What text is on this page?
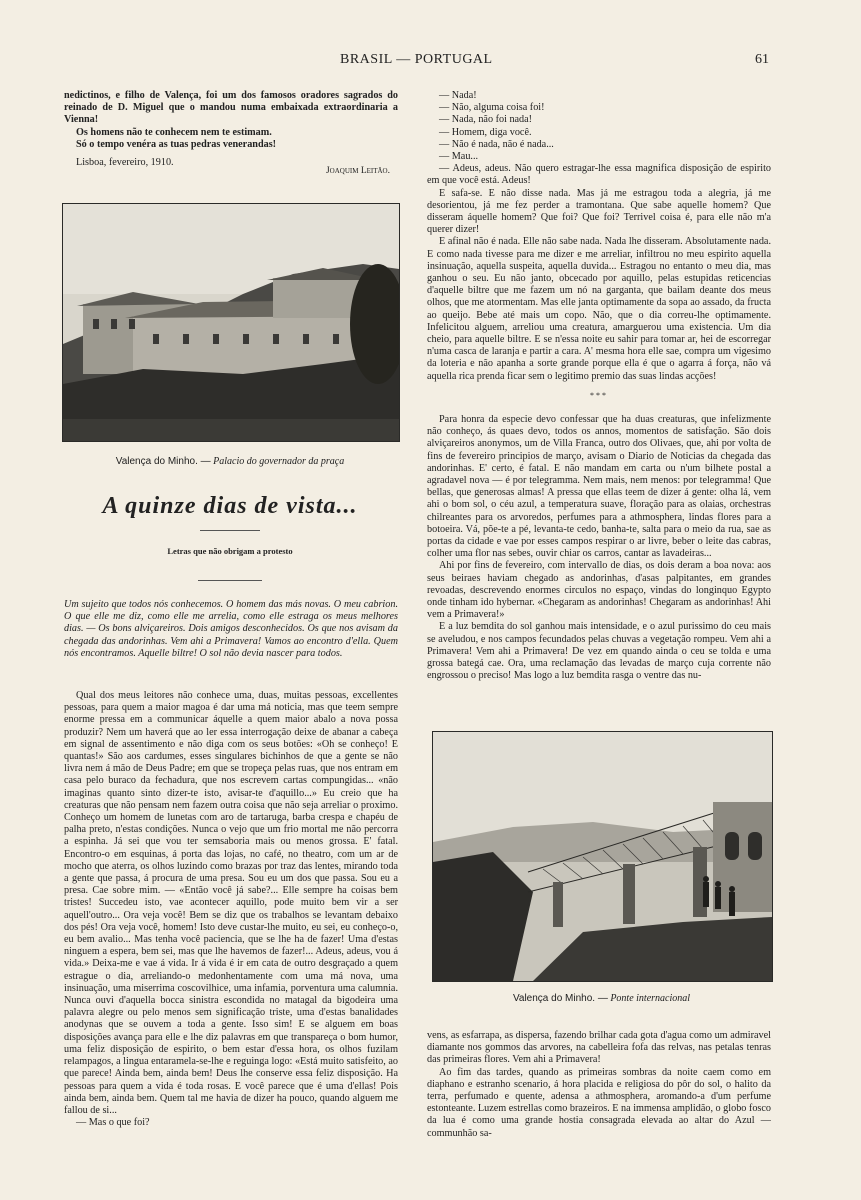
BRASIL — PORTUGAL	61

nedictinos, e filho de Valença, foi um dos famosos oradores sagrados do reinado de D. Miguel que o mandou numa embaixada extraordinaria a Vienna!

Os homens não te conhecem nem te estimam.

Só o tempo venéra as tuas pedras venerandas!

Lisboa, fevereiro, 1910.
Joaquim Leitão.
Valença do Minho. — Palacio do governador da praça
A quinze dias de vista...
Letras que não obrigam a protesto
Um sujeito que todos nós conhecemos. O homem das más novas. O meu cabrion. O que elle me diz, como elle me arrelia, como elle estraga os meus melhores dias. — Os bons alviçareiros. Dois amigos desconhecidos. Os que nos avisam da chegada das andorinhas. Vem ahi a Primavera! Vamos ao encontro d'ella. Quem nós encontramos. Aquelle biltre! O sol não devia nascer para todos.

Qual dos meus leitores não conhece uma, duas, muitas pessoas, excellentes pessoas, para quem a maior magoa é dar uma má noticia, mas que teem sempre enorme pressa em a communicar áquelle a quem maior abalo a nova possa produzir? Nem um haverá que ao ler essa interrogação deixe de abanar a cabeça em signal de assentimento e não diga com os seus botões: «Oh se conheço! E quantas!» São aos cardumes, esses singulares bichinhos de que a gente se não livra nem á mão de Deus Padre; em que se tropeça pelas ruas, que nos entram em casa pelo buraco da fechadura, que nos escrevem cartas compungidas... «não imaginas quanto sinto dizer-te isto, avisar-te d'aquillo...» Eu creio que ha creaturas que não pensam nem fazem outra coisa que não seja arreliar o proximo. Conheço um homem de lunetas com aro de tartaruga, barba crespa e chapéu de palha preto, n'estas condições. Nunca o vejo que um frio mortal me não percorra a espinha. Já sei que vou ter semsaboria mais ou menos grossa. E' fatal. Encontro-o em esquinas, á porta das lojas, no café, no theatro, com um ar de mocho que aterra, os olhos luzindo como brazas por traz das lentes, mirando toda a gente que passa, á procura de uma presa. Sou eu um dos que passa. Sou eu a presa. Cae sobre mim. — «Então você já sabe?... Elle sempre ha coisas bem tristes! Succedeu isto, vae acontecer aquillo, pode muito bem vir a ser aquell'outro... Ora veja você! Bem se diz que os trabalhos se levantam debaixo dos pés! Ora veja você, homem! Isto deve custar-lhe muito, eu sei, eu conheço-o, eu bem avalio... Mas tenha você paciencia, que se lhe ha de fazer! Uma d'estas ninguem a espera, bem sei, mas que lhe havemos de fazer!... Adeus, adeus, vou á vida.» Deixa-me e vae á vida. Ir á vida é ir em cata de outro desgraçado a quem estrague o dia, arreliando-o medonhentamente com uma má nova, uma insinuação, uma miserrima coscovilhice, uma infamia, porventura uma calumnia. Nunca ouvi d'aquella bocca sinistra escondida no matagal da bigodeira uma palavra alegre ou pelo menos sem significação triste, uma d'estas banalidades anodynas que se ouvem a toda a gente. Isso sim! E se alguem em boas disposições avança para elle e lhe diz palavras em que transpareça o bom humor, uma feliz disposição de espirito, o bem estar d'essa hora, os olhos fuzilam relampagos, a lingua entaramela-se-lhe e reguinga logo: «Está muito satisfeito, ao que parece! Ainda bem, ainda bem! Deus lhe conserve essa feliz disposição. Ha pessoas para quem a vida é toda rosas. E você parece que é uma d'ellas! Pois ainda bem, ainda bem. Quem tal me havia de dizer ha pouco, quando alguem me fallou de si...

— Mas o que foi?

— Nada!

— Não, alguma coisa foi!

— Nada, não foi nada!

— Homem, diga você.

— Não é nada, não é nada...

— Mau...

— Adeus, adeus. Não quero estragar-lhe essa magnifica disposição de espirito em que você está. Adeus!

E safa-se. E não disse nada. Mas já me estragou toda a alegria, já me desorientou, já me fez perder a tramontana. Que sabe aquelle homem? Que disseram áquelle homem? Que foi? Que foi? Terrivel coisa é, para elle não m'a querer dizer!

E afinal não é nada. Elle não sabe nada. Nada lhe disseram. Absolutamente nada. E como nada tivesse para me dizer e me arreliar, infiltrou no meu espirito aquella insinuação, aquella suspeita, aquella duvida... Estragou no entanto o meu dia, mas ganhou o seu. Eu não janto, obcecado por aquillo, pelas estupidas reticencias d'aquelle biltre que me fazem um nó na garganta, que bailam deante dos meus olhos, que me atormentam. Mas elle janta optimamente da sopa ao assado, da fructa ao queijo. Bebe até mais um copo. Não, que o dia correu-lhe optimamente. Infelicitou alguem, arreliou uma creatura, amarguerou uma existencia. Um dia cheio, para aquelle biltre. E se n'essa noite eu sahir para tomar ar, hei de escorregar n'uma casca de laranja e partir a cara. A' mesma hora elle sae, compra um vigesimo da loteria e não apanha a sorte grande porque ella é que o agarra á força, não vá aquella rica prenda ficar sem o legitimo premio das suas lindas acções!

* * *

Para honra da especie devo confessar que ha duas creaturas, que infelizmente não conheço, ás quaes devo, todos os annos, momentos de satisfação. São dois alviçareiros anonymos, um de Villa Franca, outro dos Olivaes, que, ahi por volta de fins de fevereiro principios de março, avisam o Diario de Noticias da chegada das andorinhas. E' certo, é fatal. E não mandam em carta ou n'um bilhete postal a agradavel nova — é por telegramma. Nem mais, nem menos: por telegramma! Que bellas, que generosas almas! A pressa que ellas teem de dizer á gente: olha lá, vem ahi o bom sol, o céu azul, a temperatura suave, floração para as olaias, orchestras chilreantes para os arvoredos, perfumes para a athmosphera, lindas flores para a botoeira. Vá, põe-te a pé, levanta-te cedo, banha-te, salta para o meio da rua, sae as portas da cidade e vae por esses campos respirar o ar livre, beber o leite das cabras, colher uma flor nas sebes, ouvir chiar os carros, cantar as lavadeiras...

Ahi por fins de fevereiro, com intervallo de dias, os dois deram a boa nova: aos seus beiraes haviam chegado as andorinhas, d'asas palpitantes, em grandes revoadas, descrevendo enormes circulos no espaço, vindas do longinquo Egypto onde tinham ido hybernar. «Chegaram as andorinhas! Chegaram as andorinhas! Ahi vem a Primavera!»

E a luz bemdita do sol ganhou mais intensidade, e o azul purissimo do ceu mais se aveludou, e nos campos fecundados pelas chuvas a vegetação rompeu. Vem ahi a Primavera! Vem ahi a Primavera! De vez em quando ainda o ceu se tolda e uma grossa bategá cae. Ora, uma reclamação das levadas de março cuja corrente não engrossou o preciso! Mas logo a luz bemdita rasga o ventre das nu-

Valença do Minho. — Ponte internacional

vens, as esfarrapa, as dispersa, fazendo brilhar cada gota d'agua como um admiravel diamante nos gommos das arvores, na cabelleira fofa das relvas, nas petalas tenras das primeiras flores. Vem ahi a Primavera!

Ao fim das tardes, quando as primeiras sombras da noite caem como em diaphano e estranho scenario, á hora placida e religiosa do pôr do sol, o halito da terra, perfumado e quente, adensa a athmosphera, aromando-a d'um perfume estonteante. Luzem estrellas como brazeiros. E na immensa amplidão, o globo fosco da lua é como uma grande hostia consagrada elevada ao altar do Azul — communhão sa-
